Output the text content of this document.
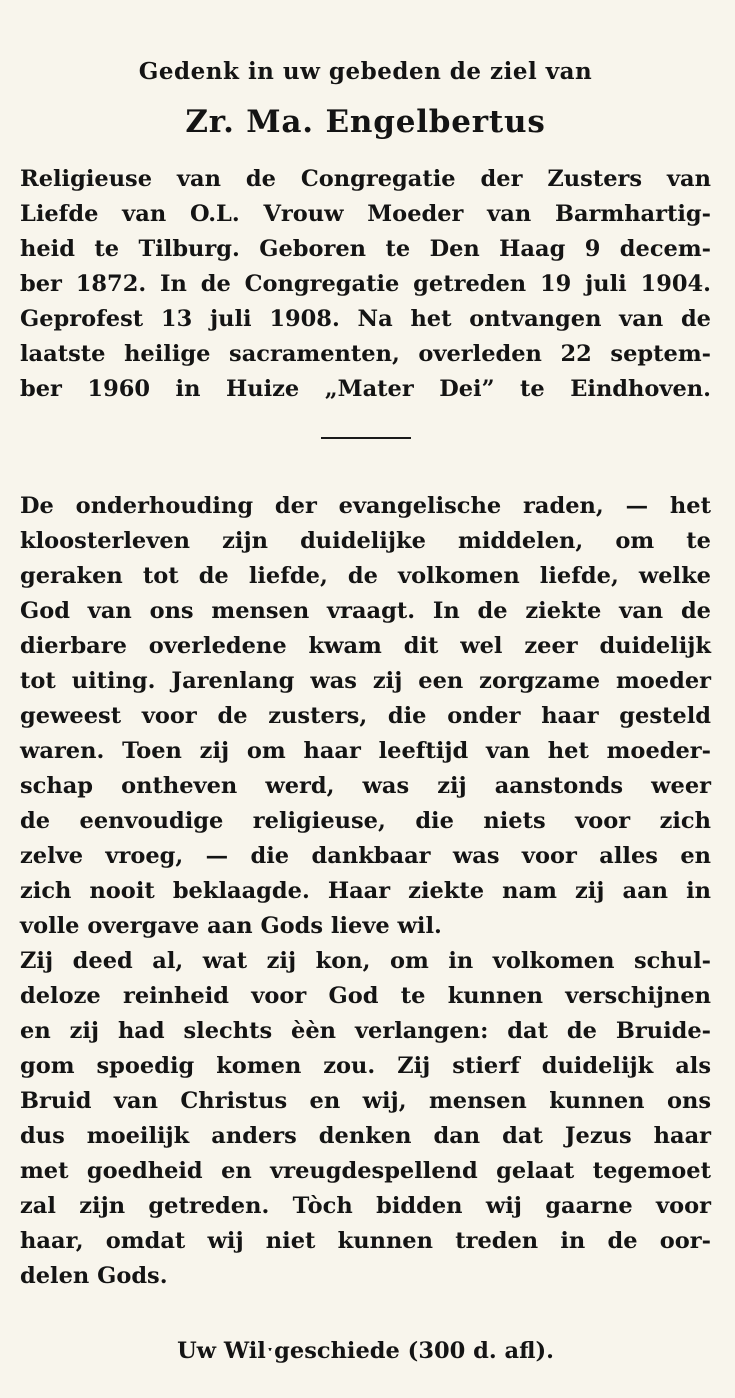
Gedenk in uw gebeden de ziel van
Zr. Ma. Engelbertus
Religieuse van de Congregatie der Zusters van
Liefde van O.L. Vrouw Moeder van Barmhartig-
heid te Tilburg. Geboren te Den Haag 9 decem-
ber 1872. In de Congregatie getreden 19 juli 1904.
Geprofest 13 juli 1908. Na het ontvangen van de
laatste heilige sacramenten, overleden 22 septem-
ber 1960 in Huize „Mater Dei” te Eindhoven.
De onderhouding der evangelische raden, — het
kloosterleven zijn duidelijke middelen, om te
geraken tot de liefde, de volkomen liefde, welke
God van ons mensen vraagt. In de ziekte van de
dierbare overledene kwam dit wel zeer duidelijk
tot uiting. Jarenlang was zij een zorgzame moeder
geweest voor de zusters, die onder haar gesteld
waren. Toen zij om haar leeftijd van het moeder-
schap ontheven werd, was zij aanstonds weer
de eenvoudige religieuse, die niets voor zich
zelve vroeg, — die dankbaar was voor alles en
zich nooit beklaagde. Haar ziekte nam zij aan in
volle overgave aan Gods lieve wil.
Zij deed al, wat zij kon, om in volkomen schul-
deloze reinheid voor God te kunnen verschijnen
en zij had slechts èèn verlangen: dat de Bruide-
gom spoedig komen zou. Zij stierf duidelijk als
Bruid van Christus en wij, mensen kunnen ons
dus moeilijk anders denken dan dat Jezus haar
met goedheid en vreugdespellend gelaat tegemoet
zal zijn getreden. Tòch bidden wij gaarne voor
haar, omdat wij niet kunnen treden in de oor-
delen Gods.
Uw Wilˑgeschiede (300 d. afl).
